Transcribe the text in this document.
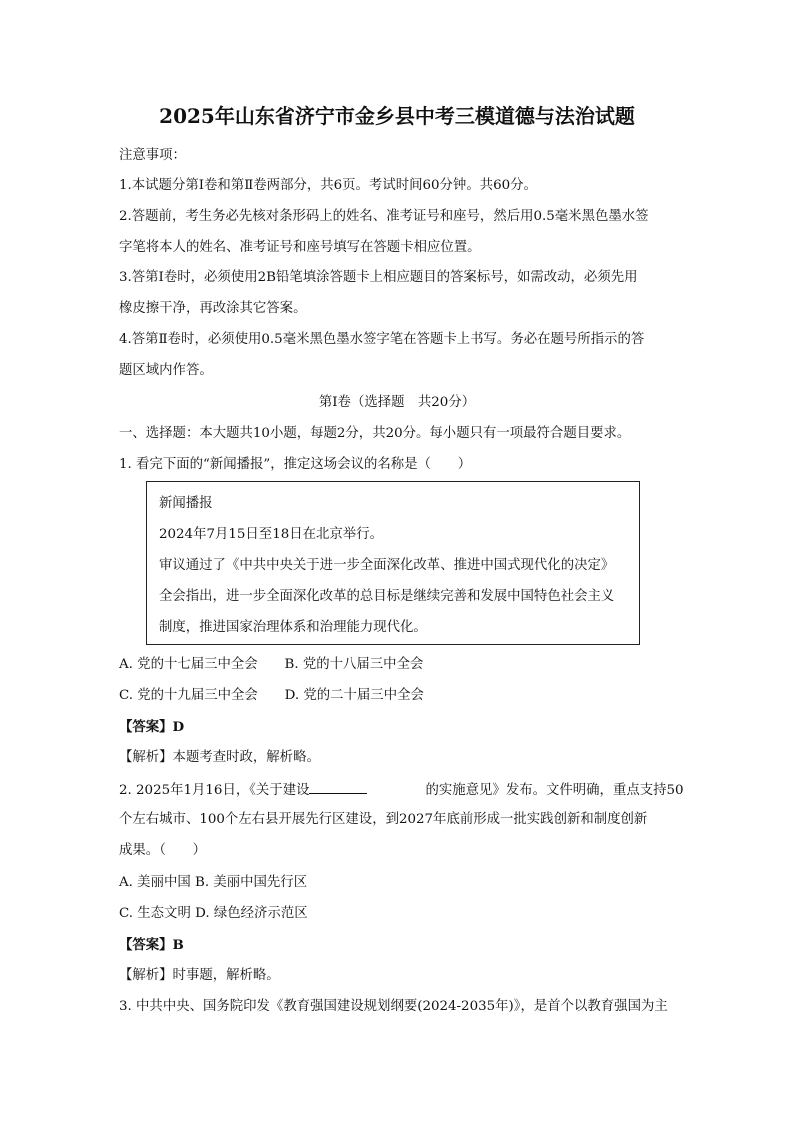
2025年山东省济宁市金乡县中考三模道德与法治试题
注意事项：
1.本试题分第Ⅰ卷和第Ⅱ卷两部分，共6页。考试时间60分钟。共60分。
2.答题前，考生务必先核对条形码上的姓名、准考证号和座号，然后用0.5毫米黑色墨水签
字笔将本人的姓名、准考证号和座号填写在答题卡相应位置。
3.答第Ⅰ卷时，必须使用2B铅笔填涂答题卡上相应题目的答案标号，如需改动，必须先用
橡皮擦干净，再改涂其它答案。
4.答第Ⅱ卷时，必须使用0.5毫米黑色墨水签字笔在答题卡上书写。务必在题号所指示的答
题区域内作答。
第Ⅰ卷（选择题　共20分）
一、选择题：本大题共10小题，每题2分，共20分。每小题只有一项最符合题目要求。
1. 看完下面的“新闻播报”，推定这场会议的名称是（　　）
新闻播报
2024年7月15日至18日在北京举行。
审议通过了《中共中央关于进一步全面深化改革、推进中国式现代化的决定》
全会指出，进一步全面深化改革的总目标是继续完善和发展中国特色社会主义
制度，推进国家治理体系和治理能力现代化。
A. 党的十七届三中全会　　B. 党的十八届三中全会
C. 党的十九届三中全会　　D. 党的二十届三中全会
【答案】D
【解析】本题考查时政，解析略。
2. 2025年1月16日，《关于建设	的实施意见》发布。文件明确，重点支持50
个左右城市、100个左右县开展先行区建设，到2027年底前形成一批实践创新和制度创新
成果。（　　）
A. 美丽中国 B. 美丽中国先行区
C. 生态文明 D. 绿色经济示范区
【答案】B
【解析】时事题，解析略。
3. 中共中央、国务院印发《教育强国建设规划纲要(2024-2035年)》，是首个以教育强国为主
